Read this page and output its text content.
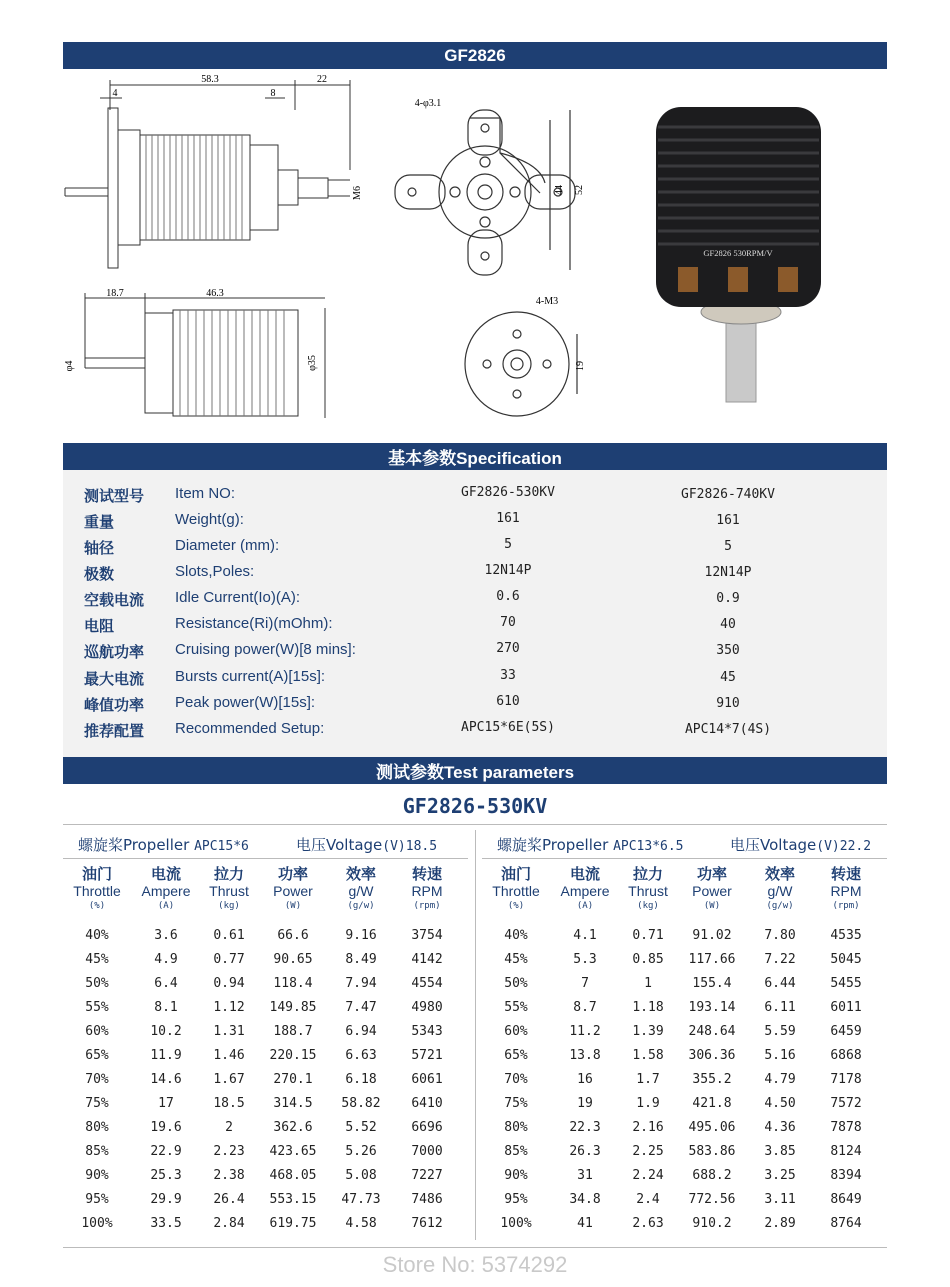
GF2826
58.3	22
4	8
M6
4-φ3.1
44 52
GF2826 530RPM/V
18.7	46.3
φ4	φ35
4-M3
19
基本参数Specification
测试型号 Item NO:	GF2826-530KV	GF2826-740KV
重量	Weight(g):	161	161
轴径	Diameter (mm):	5	5
极数	Slots,Poles:	12N14P	12N14P
空载电流 Idle Current(Io)(A):	0.6	0.9
电阻	Resistance(Ri)(mOhm):	70	40
巡航功率 Cruising power(W)[8 mins]:	270	350
最大电流 Bursts current(A)[15s]:	33	45
峰值功率 Peak power(W)[15s]:	610	910
推荐配置 Recommended Setup:	APC15*6E(5S)	APC14*7(4S)
测试参数Test parameters
GF2826-530KV
螺旋桨Propeller APC15*6	电压Voltage(V)18.5	螺旋桨Propeller APC13*6.5	电压Voltage(V)22.2
油门
Throttle
(%)
电流
Ampere
(A)
拉力
Thrust
(kg)
功率
Power
(W)
效率
g/W
(g/w)
转速
RPM
(rpm)
40%	3.6	0.61	66.6	9.16	3754
45%	4.9	0.77	90.65	8.49	4142
50%	6.4	0.94	118.4	7.94	4554
55%	8.1	1.12	149.85	7.47	4980
60%	10.2	1.31	188.7	6.94	5343
65%	11.9	1.46	220.15	6.63	5721
70%	14.6	1.67	270.1	6.18	6061
75%	17	18.5	314.5	58.82	6410
80%	19.6	2	362.6	5.52	6696
85%	22.9	2.23	423.65	5.26	7000
90%	25.3	2.38	468.05	5.08	7227
95%	29.9	26.4	553.15	47.73	7486
100%	33.5	2.84	619.75	4.58	7612
油门
Throttle
(%)
电流
Ampere
(A)
拉力
Thrust
(kg)
功率
Power
(W)
效率
g/W
(g/w)
转速
RPM
(rpm)
40%	4.1	0.71	91.02	7.80	4535
45%	5.3	0.85	117.66	7.22	5045
50%	7	1	155.4	6.44	5455
55%	8.7	1.18	193.14	6.11	6011
60%	11.2	1.39	248.64	5.59	6459
65%	13.8	1.58	306.36	5.16	6868
70%	16	1.7	355.2	4.79	7178
75%	19	1.9	421.8	4.50	7572
80%	22.3	2.16	495.06	4.36	7878
85%	26.3	2.25	583.86	3.85	8124
90%	31	2.24	688.2	3.25	8394
95%	34.8	2.4	772.56	3.11	8649
100%	41	2.63	910.2	2.89	8764
Store No: 5374292
